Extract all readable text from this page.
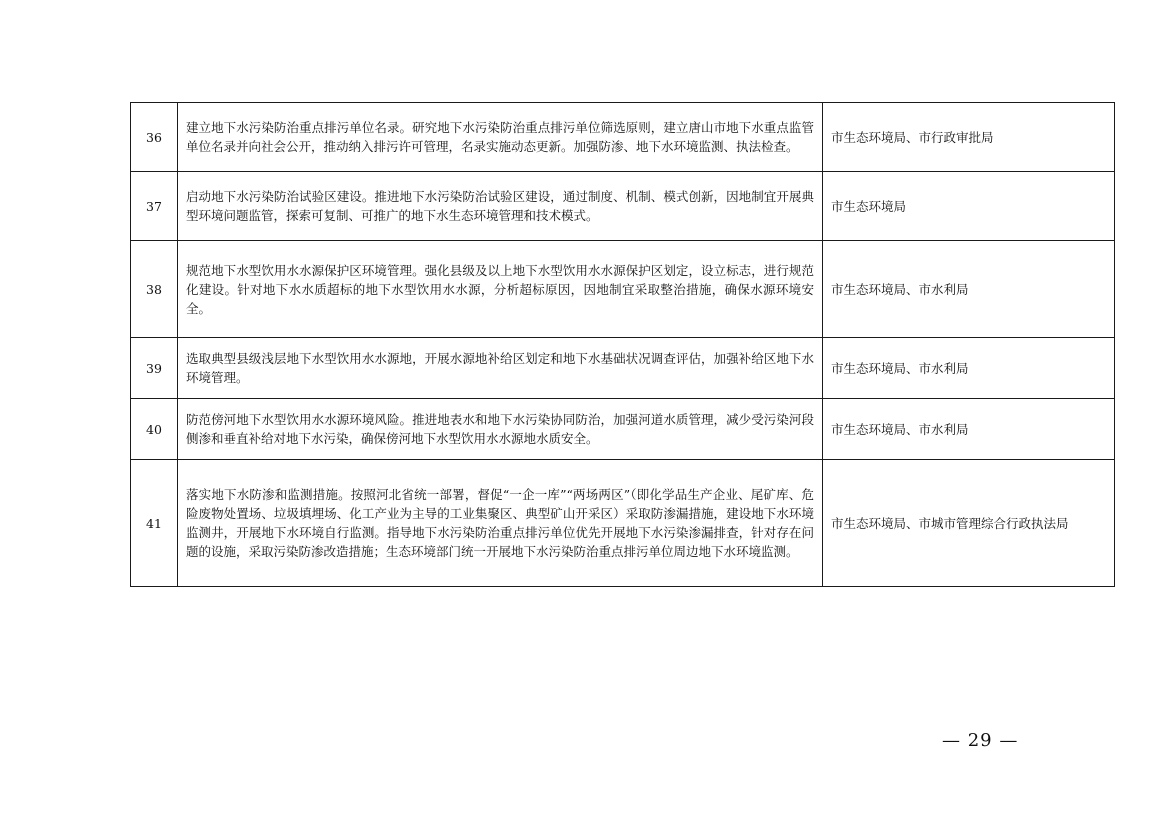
36	建立地下水污染防治重点排污单位名录。研究地下水污染防治重点排污单位筛选原则，建立唐山市地下水重点监管单位名录并向社会公开，推动纳入排污许可管理，名录实施动态更新。加强防渗、地下水环境监测、执法检查。	市生态环境局、市行政审批局
37	启动地下水污染防治试验区建设。推进地下水污染防治试验区建设，通过制度、机制、模式创新，因地制宜开展典型环境问题监管，探索可复制、可推广的地下水生态环境管理和技术模式。	市生态环境局
38	规范地下水型饮用水水源保护区环境管理。强化县级及以上地下水型饮用水水源保护区划定，设立标志，进行规范化建设。针对地下水水质超标的地下水型饮用水水源，分析超标原因，因地制宜采取整治措施，确保水源环境安全。	市生态环境局、市水利局
39	选取典型县级浅层地下水型饮用水水源地，开展水源地补给区划定和地下水基础状况调查评估，加强补给区地下水环境管理。	市生态环境局、市水利局
40	防范傍河地下水型饮用水水源环境风险。推进地表水和地下水污染协同防治，加强河道水质管理，减少受污染河段侧渗和垂直补给对地下水污染，确保傍河地下水型饮用水水源地水质安全。	市生态环境局、市水利局
41	落实地下水防渗和监测措施。按照河北省统一部署，督促“一企一库”“两场两区”（即化学品生产企业、尾矿库、危险废物处置场、垃圾填埋场、化工产业为主导的工业集聚区、典型矿山开采区）采取防渗漏措施，建设地下水环境监测井，开展地下水环境自行监测。指导地下水污染防治重点排污单位优先开展地下水污染渗漏排查，针对存在问题的设施，采取污染防渗改造措施；生态环境部门统一开展地下水污染防治重点排污单位周边地下水环境监测。	市生态环境局、市城市管理综合行政执法局
— 29 —
